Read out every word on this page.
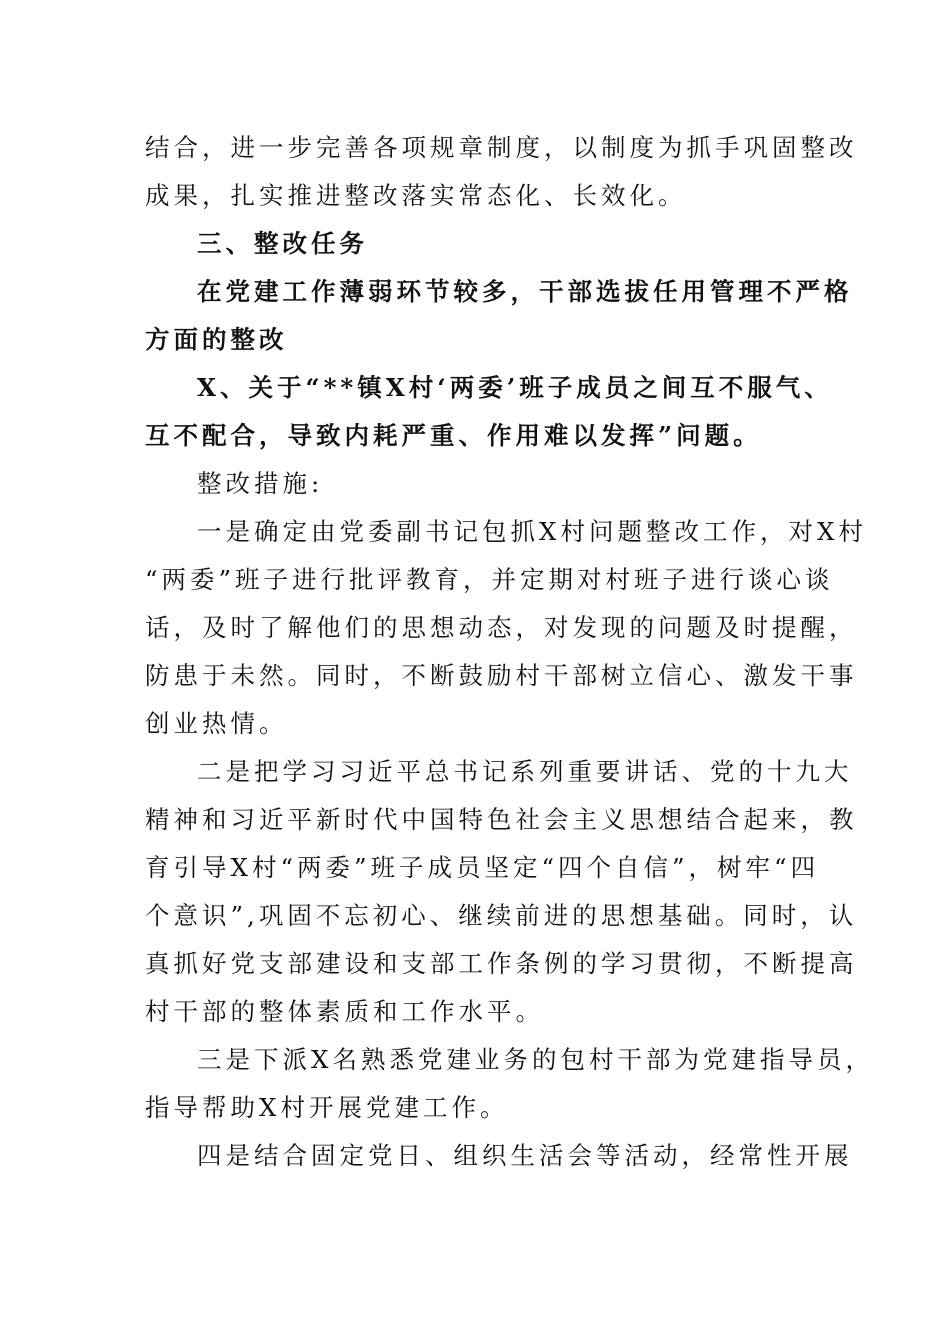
结合，进一步完善各项规章制度，以制度为抓手巩固整改
成果，扎实推进整改落实常态化、长效化。
三、整改任务
在党建工作薄弱环节较多，干部选拔任用管理不严格
方面的整改
X、关于“**镇X村‘两委’班子成员之间互不服气、
互不配合，导致内耗严重、作用难以发挥”问题。
整改措施:
一是确定由党委副书记包抓X村问题整改工作，对X村
“两委”班子进行批评教育，并定期对村班子进行谈心谈
话，及时了解他们的思想动态，对发现的问题及时提醒，
防患于未然。同时，不断鼓励村干部树立信心、激发干事
创业热情。
二是把学习习近平总书记系列重要讲话、党的十九大
精神和习近平新时代中国特色社会主义思想结合起来，教
育引导X村“两委”班子成员坚定“四个自信”，树牢“四
个意识”,巩固不忘初心、继续前进的思想基础。同时，认
真抓好党支部建设和支部工作条例的学习贯彻，不断提高
村干部的整体素质和工作水平。
三是下派X名熟悉党建业务的包村干部为党建指导员，
指导帮助X村开展党建工作。
四是结合固定党日、组织生活会等活动，经常性开展
